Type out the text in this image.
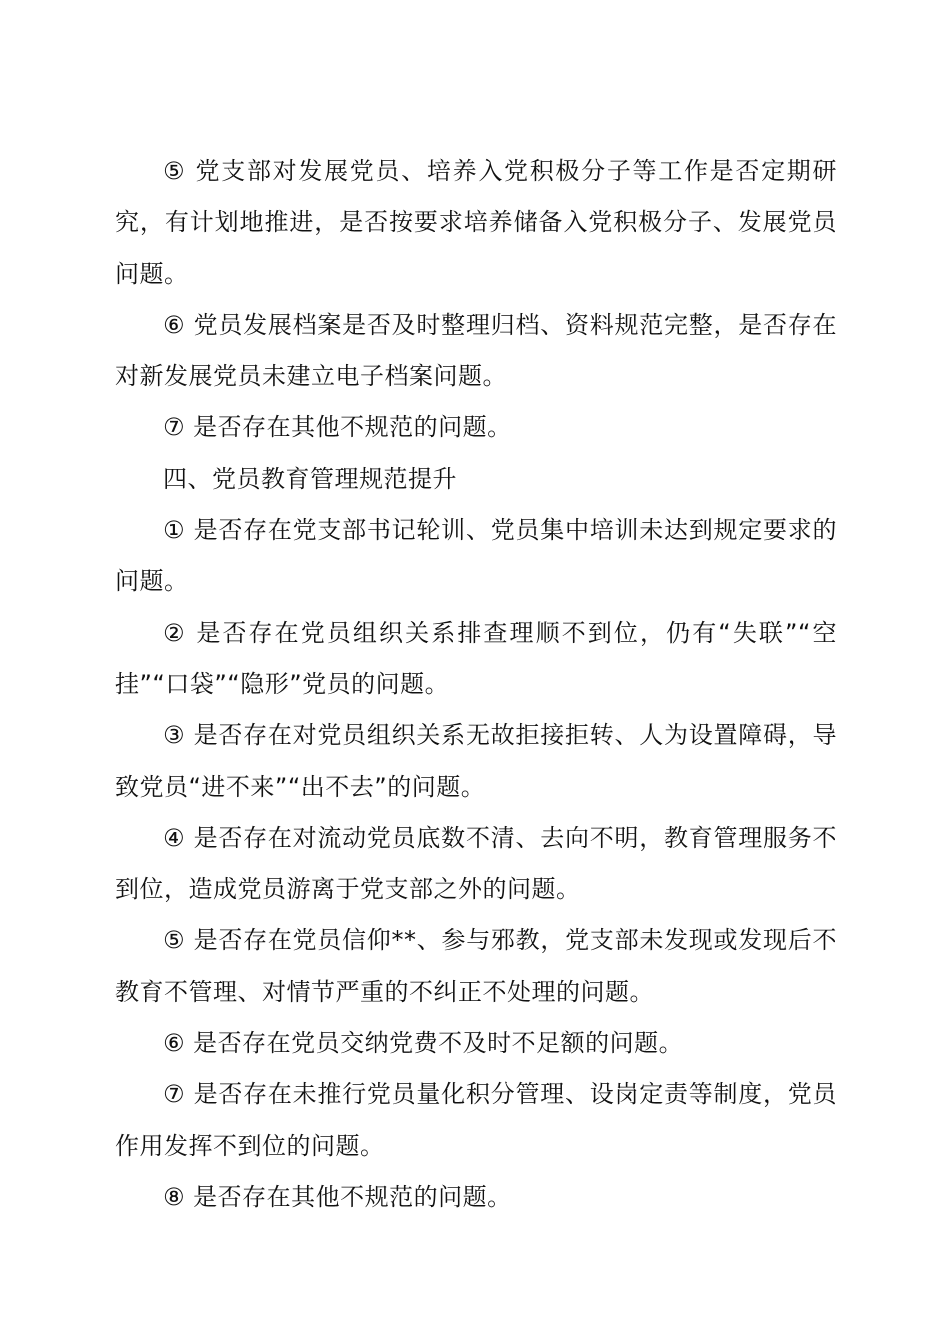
⑤ 党支部对发展党员、培养入党积极分子等工作是否定期研究，有计划地推进，是否按要求培养储备入党积极分子、发展党员问题。

⑥ 党员发展档案是否及时整理归档、资料规范完整，是否存在对新发展党员未建立电子档案问题。

⑦ 是否存在其他不规范的问题。

四、党员教育管理规范提升

① 是否存在党支部书记轮训、党员集中培训未达到规定要求的问题。

② 是否存在党员组织关系排查理顺不到位，仍有“失联”“空挂”“口袋”“隐形”党员的问题。

③ 是否存在对党员组织关系无故拒接拒转、人为设置障碍，导致党员“进不来”“出不去”的问题。

④ 是否存在对流动党员底数不清、去向不明，教育管理服务不到位，造成党员游离于党支部之外的问题。

⑤ 是否存在党员信仰**、参与邪教，党支部未发现或发现后不教育不管理、对情节严重的不纠正不处理的问题。

⑥ 是否存在党员交纳党费不及时不足额的问题。

⑦ 是否存在未推行党员量化积分管理、设岗定责等制度，党员作用发挥不到位的问题。

⑧ 是否存在其他不规范的问题。
